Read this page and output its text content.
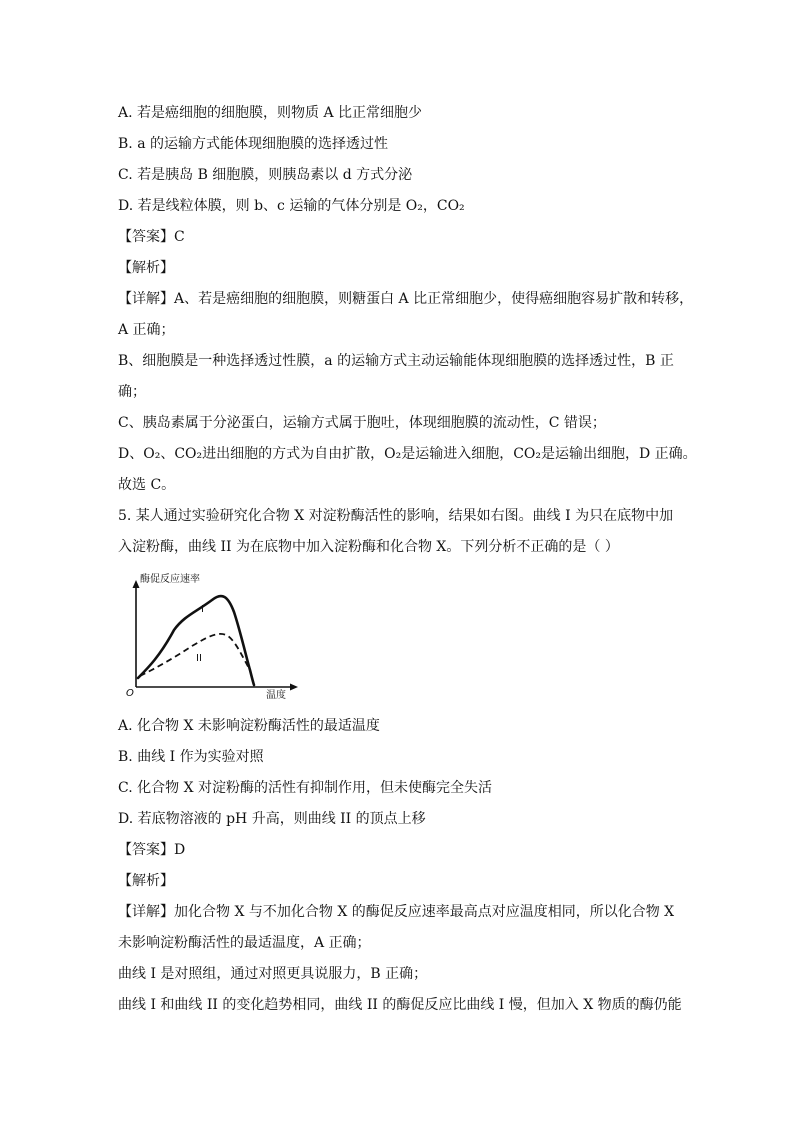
A. 若是癌细胞的细胞膜，则物质 A 比正常细胞少
B. a 的运输方式能体现细胞膜的选择透过性
C. 若是胰岛 B 细胞膜，则胰岛素以 d 方式分泌
D. 若是线粒体膜，则 b、c 运输的气体分别是 O₂，CO₂
【答案】C
【解析】
【详解】A、若是癌细胞的细胞膜，则糖蛋白 A 比正常细胞少，使得癌细胞容易扩散和转移，
A 正确；
B、细胞膜是一种选择透过性膜，a 的运输方式主动运输能体现细胞膜的选择透过性，B 正
确；
C、胰岛素属于分泌蛋白，运输方式属于胞吐，体现细胞膜的流动性，C 错误；
D、O₂、CO₂进出细胞的方式为自由扩散，O₂是运输进入细胞，CO₂是运输出细胞，D 正确。
故选 C。
5. 某人通过实验研究化合物 X 对淀粉酶活性的影响，结果如右图。曲线 I 为只在底物中加
入淀粉酶，曲线 II 为在底物中加入淀粉酶和化合物 X。下列分析不正确的是（ ）
酶促反应速率
温度
O
I
II
A. 化合物 X 未影响淀粉酶活性的最适温度
B. 曲线 I 作为实验对照
C. 化合物 X 对淀粉酶的活性有抑制作用，但未使酶完全失活
D. 若底物溶液的 pH 升高，则曲线 II 的顶点上移
【答案】D
【解析】
【详解】加化合物 X 与不加化合物 X 的酶促反应速率最高点对应温度相同，所以化合物 X
未影响淀粉酶活性的最适温度，A 正确；
曲线 I 是对照组，通过对照更具说服力，B 正确；
曲线 I 和曲线 II 的变化趋势相同，曲线 II 的酶促反应比曲线 I 慢，但加入 X 物质的酶仍能
